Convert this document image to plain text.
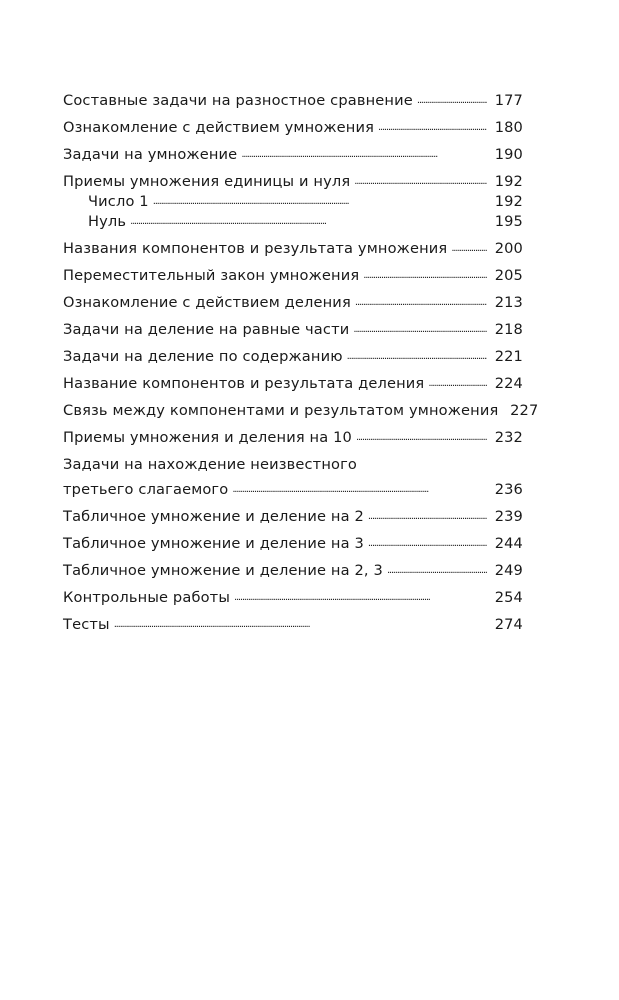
Составные задачи на разностное сравнение . . .	177
Ознакомление с действием умножения . . .	180
Задачи на умножение . . .	190
Приемы умножения единицы и нуля . . .	192
Число 1 . . .	192
Нуль . . .	195
Названия компонентов и результата умножения . . .	200
Переместительный закон умножения . . .	205
Ознакомление с действием деления . . .	213
Задачи на деление на равные части . . .	218
Задачи на деление по содержанию . . .	221
Название компонентов и результата деления . . .	224
Связь между компонентами и результатом умножения 227
Приемы умножения и деления на 10 . . .	232
Задачи на нахождение неизвестного
третьего слагаемого . . .	236
Табличное умножение и деление на 2 . . .	239
Табличное умножение и деление на 3 . . .	244
Табличное умножение и деление на 2, 3 . . .	249
Контрольные работы . . .	254
Тесты . . .	274
